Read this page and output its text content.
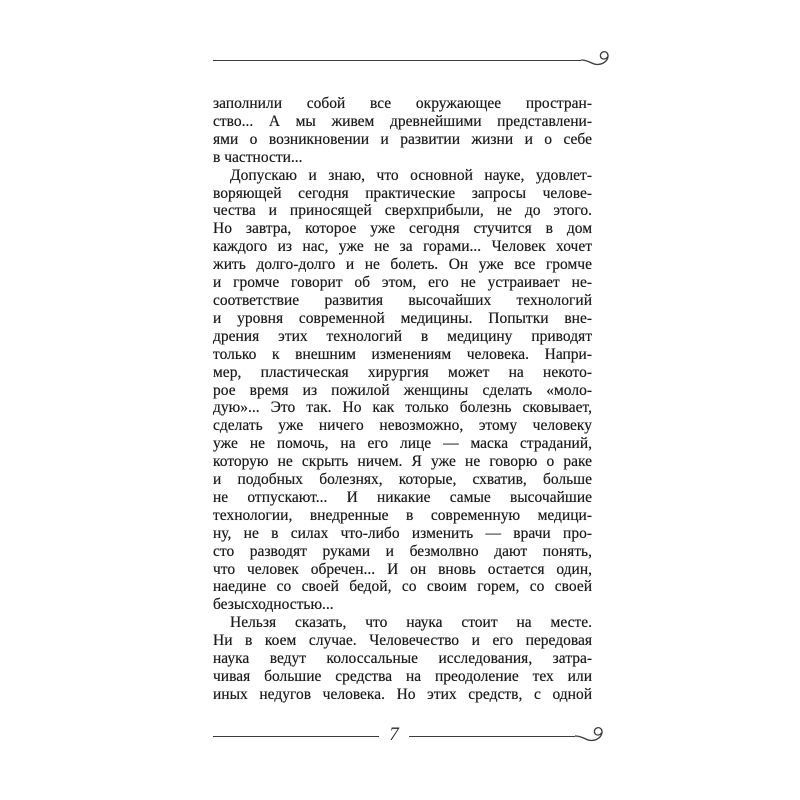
заполнили собой все окружающее простран-
ство... А мы живем древнейшими представлени-
ями о возникновении и развитии жизни и о себе
в частности...
Допускаю и знаю, что основной науке, удовлет-
воряющей сегодня практические запросы челове-
чества и приносящей сверхприбыли, не до этого.
Но завтра, которое уже сегодня стучится в дом
каждого из нас, уже не за горами... Человек хочет
жить долго-долго и не болеть. Он уже все громче
и громче говорит об этом, его не устраивает не-
соответствие развития высочайших технологий
и уровня современной медицины. Попытки вне-
дрения этих технологий в медицину приводят
только к внешним изменениям человека. Напри-
мер, пластическая хирургия может на некото-
рое время из пожилой женщины сделать «моло-
дую»... Это так. Но как только болезнь сковывает,
сделать уже ничего невозможно, этому человеку
уже не помочь, на его лице — маска страданий,
которую не скрыть ничем. Я уже не говорю о раке
и подобных болезнях, которые, схватив, больше
не отпускают... И никакие самые высочайшие
технологии, внедренные в современную медици-
ну, не в силах что-либо изменить — врачи про-
сто разводят руками и безмолвно дают понять,
что человек обречен... И он вновь остается один,
наедине со своей бедой, со своим горем, со своей
безысходностью...
Нельзя сказать, что наука стоит на месте.
Ни в коем случае. Человечество и его передовая
наука ведут колоссальные исследования, затра-
чивая большие средства на преодоление тех или
иных недугов человека. Но этих средств, с одной
7
